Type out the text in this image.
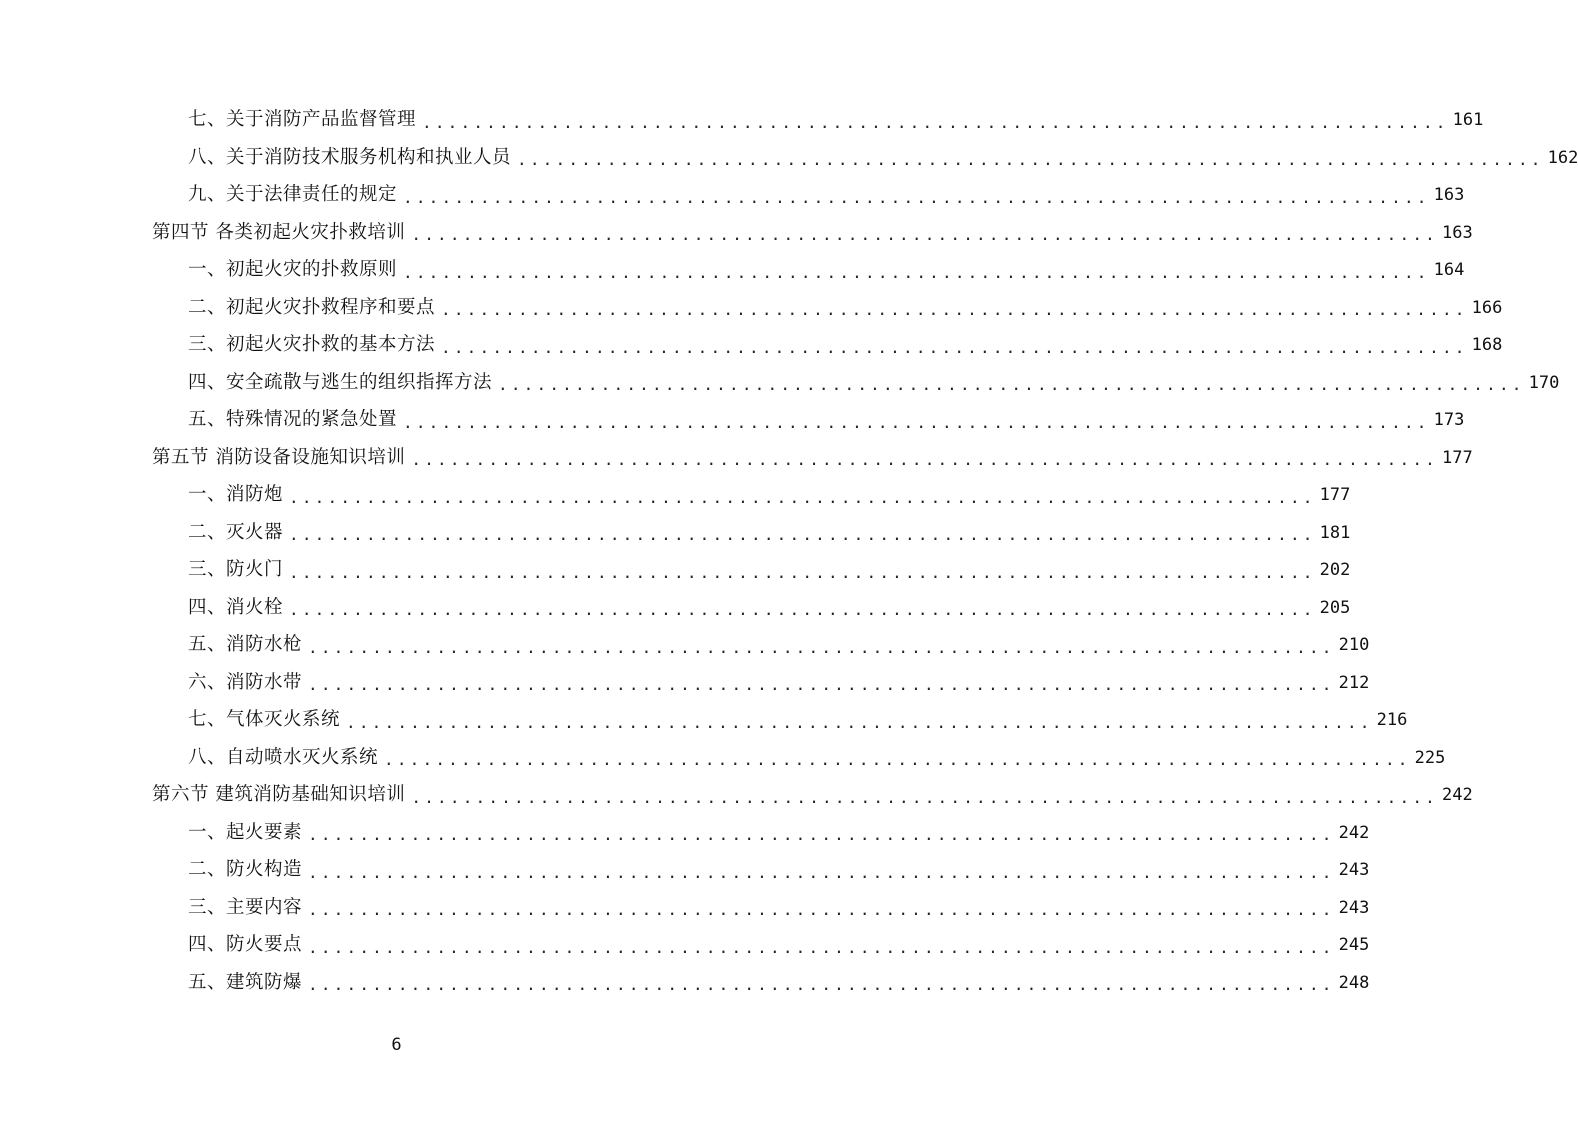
七、关于消防产品监督管理 ................................................................................ 161
八、关于消防技术服务机构和执业人员 ................................................................................ 162
九、关于法律责任的规定 ................................................................................ 163
第四节 各类初起火灾扑救培训 ................................................................................ 163
一、初起火灾的扑救原则 ................................................................................ 164
二、初起火灾扑救程序和要点 ................................................................................ 166
三、初起火灾扑救的基本方法 ................................................................................ 168
四、安全疏散与逃生的组织指挥方法 ................................................................................ 170
五、特殊情况的紧急处置 ................................................................................ 173
第五节 消防设备设施知识培训 ................................................................................ 177
一、消防炮 ................................................................................ 177
二、灭火器 ................................................................................ 181
三、防火门 ................................................................................ 202
四、消火栓 ................................................................................ 205
五、消防水枪 ................................................................................ 210
六、消防水带 ................................................................................ 212
七、气体灭火系统 ................................................................................ 216
八、自动喷水灭火系统 ................................................................................ 225
第六节 建筑消防基础知识培训 ................................................................................ 242
一、起火要素 ................................................................................ 242
二、防火构造 ................................................................................ 243
三、主要内容 ................................................................................ 243
四、防火要点 ................................................................................ 245
五、建筑防爆 ................................................................................ 248
6
